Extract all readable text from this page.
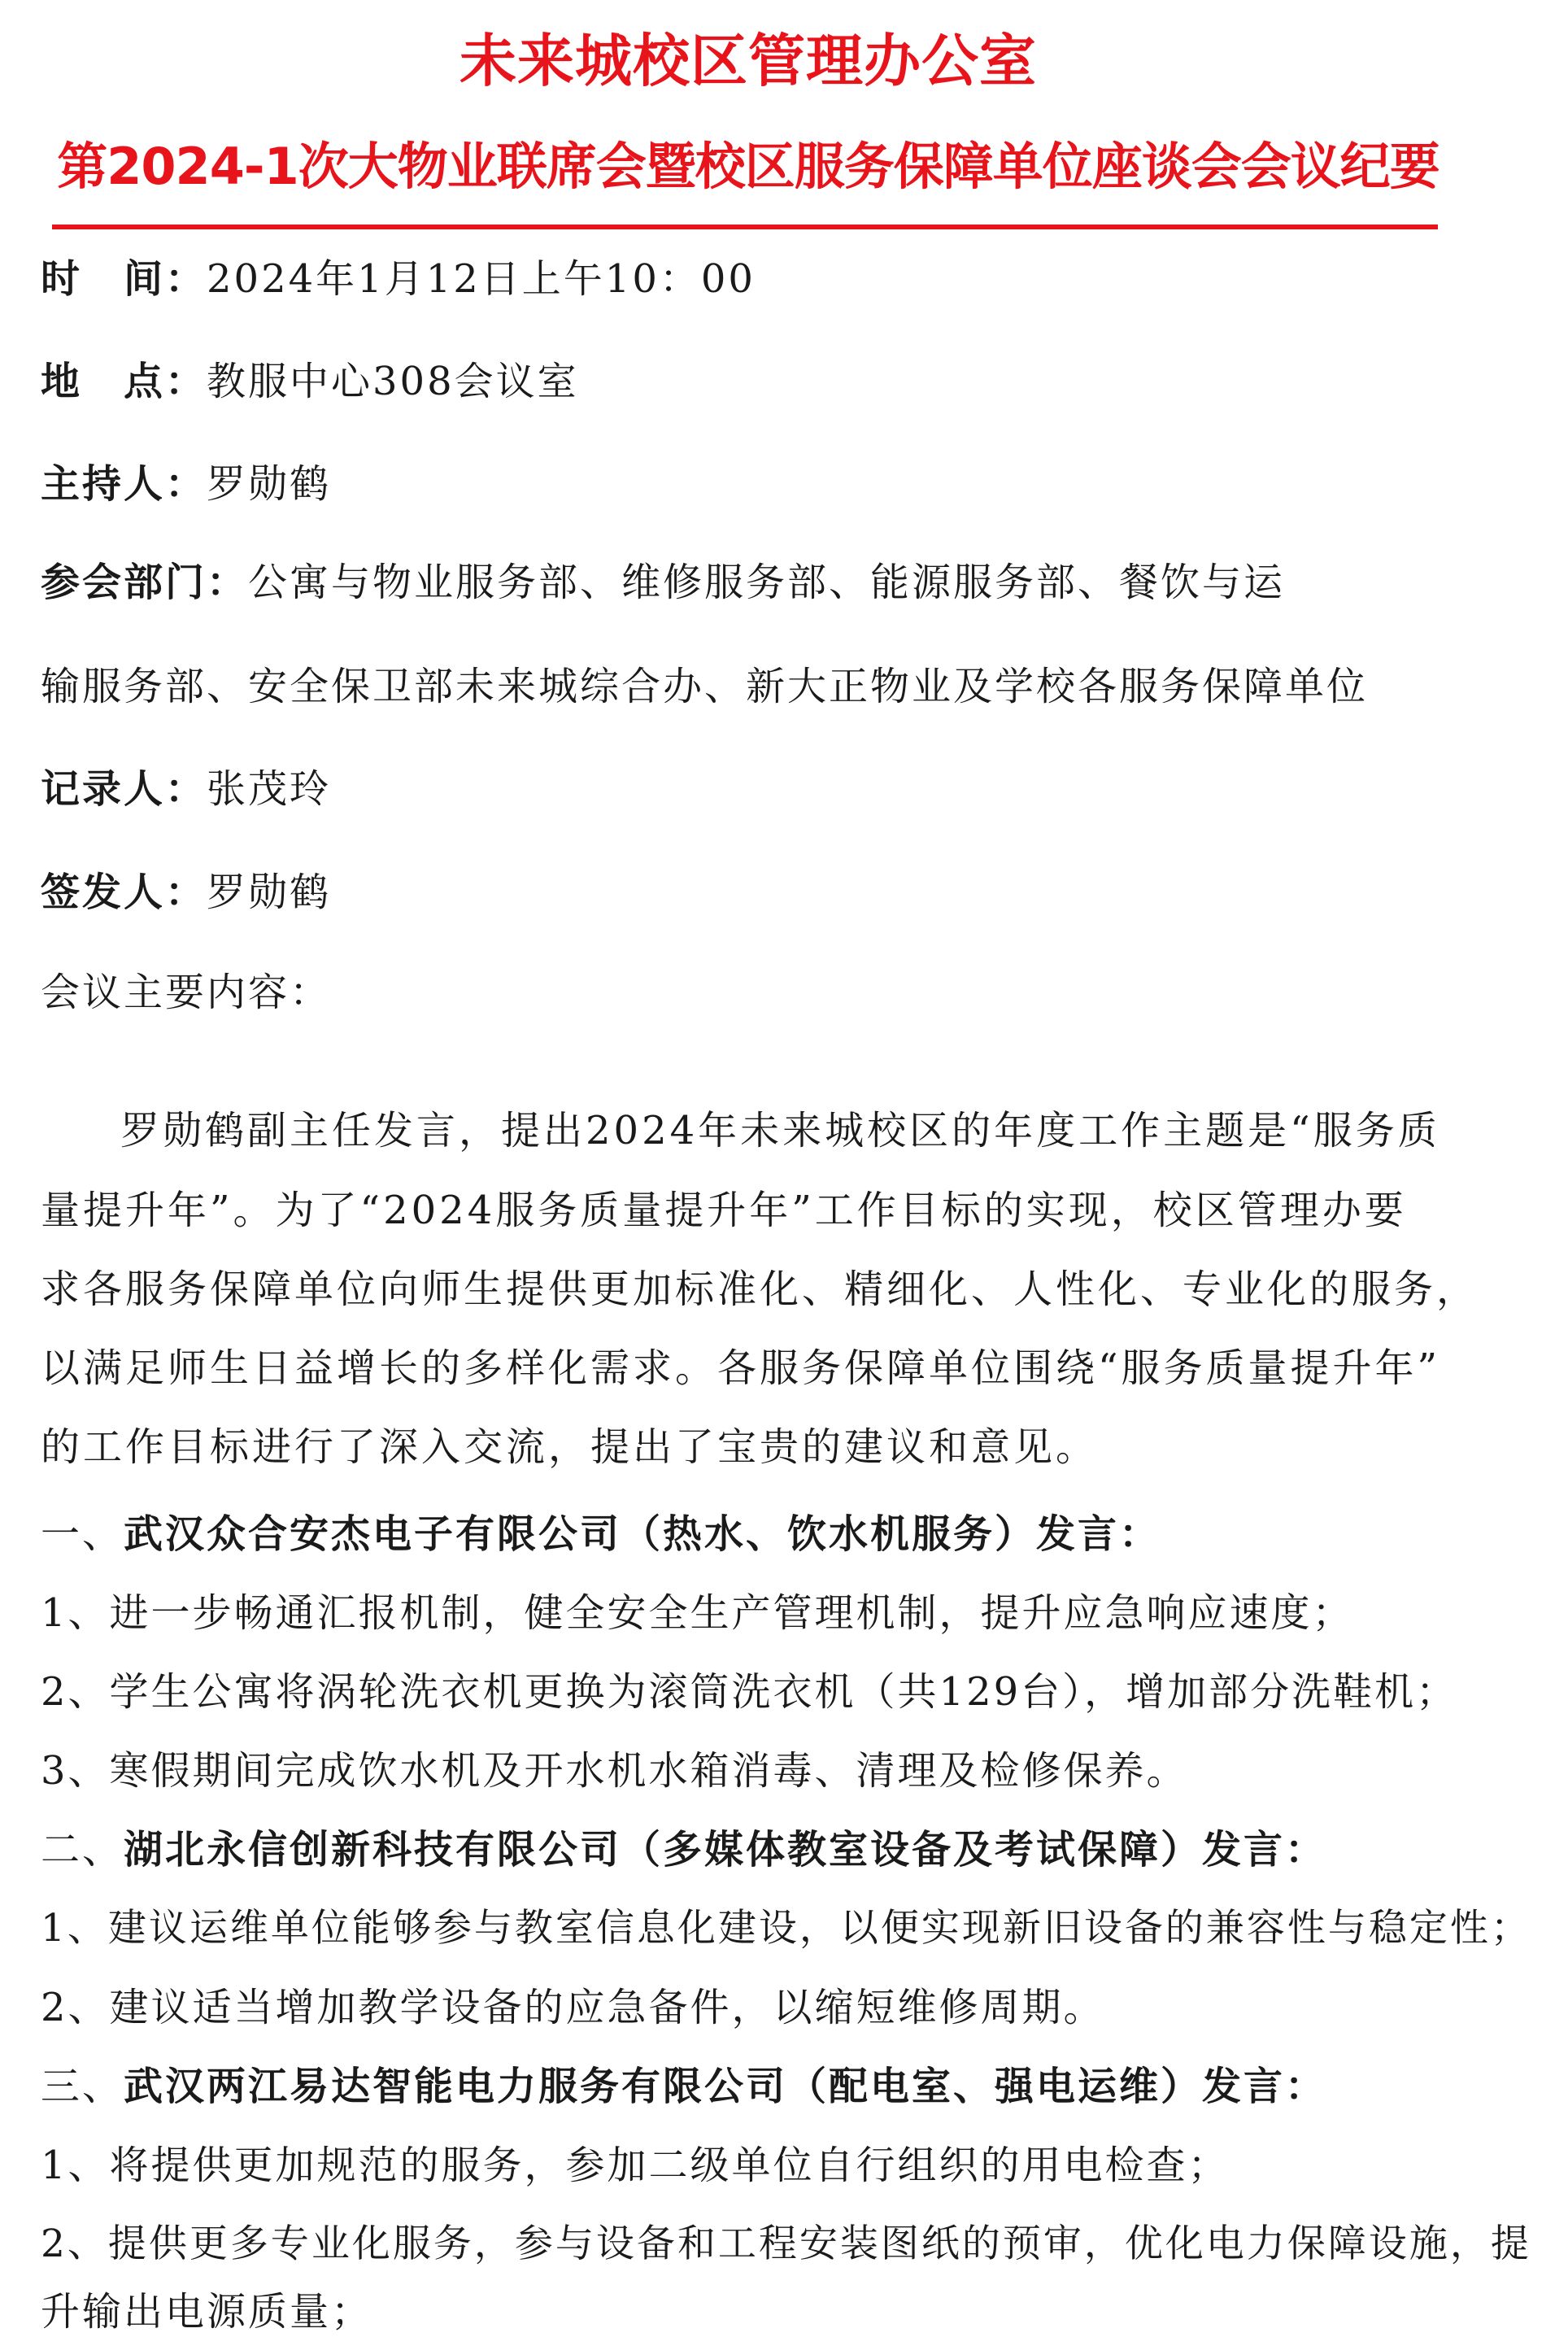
未来城校区管理办公室
第2024-1次大物业联席会暨校区服务保障单位座谈会会议纪要
时　间：2024年1月12日上午10：00
地　点：教服中心308会议室
主持人：罗勋鹤
参会部门：公寓与物业服务部、维修服务部、能源服务部、餐饮与运
输服务部、安全保卫部未来城综合办、新大正物业及学校各服务保障单位
记录人：张茂玲
签发人：罗勋鹤
会议主要内容：
罗勋鹤副主任发言，提出2024年未来城校区的年度工作主题是“服务质
量提升年”。为了“2024服务质量提升年”工作目标的实现，校区管理办要
求各服务保障单位向师生提供更加标准化、精细化、人性化、专业化的服务，
以满足师生日益增长的多样化需求。各服务保障单位围绕“服务质量提升年”
的工作目标进行了深入交流，提出了宝贵的建议和意见。
一、武汉众合安杰电子有限公司（热水、饮水机服务）发言：
1、进一步畅通汇报机制，健全安全生产管理机制，提升应急响应速度；
2、学生公寓将涡轮洗衣机更换为滚筒洗衣机（共129台），增加部分洗鞋机；
3、寒假期间完成饮水机及开水机水箱消毒、清理及检修保养。
二、湖北永信创新科技有限公司（多媒体教室设备及考试保障）发言：
1、建议运维单位能够参与教室信息化建设，以便实现新旧设备的兼容性与稳定性；
2、建议适当增加教学设备的应急备件，以缩短维修周期。
三、武汉两江易达智能电力服务有限公司（配电室、强电运维）发言：
1、将提供更加规范的服务，参加二级单位自行组织的用电检查；
2、提供更多专业化服务，参与设备和工程安装图纸的预审，优化电力保障设施，提
升输出电源质量；
